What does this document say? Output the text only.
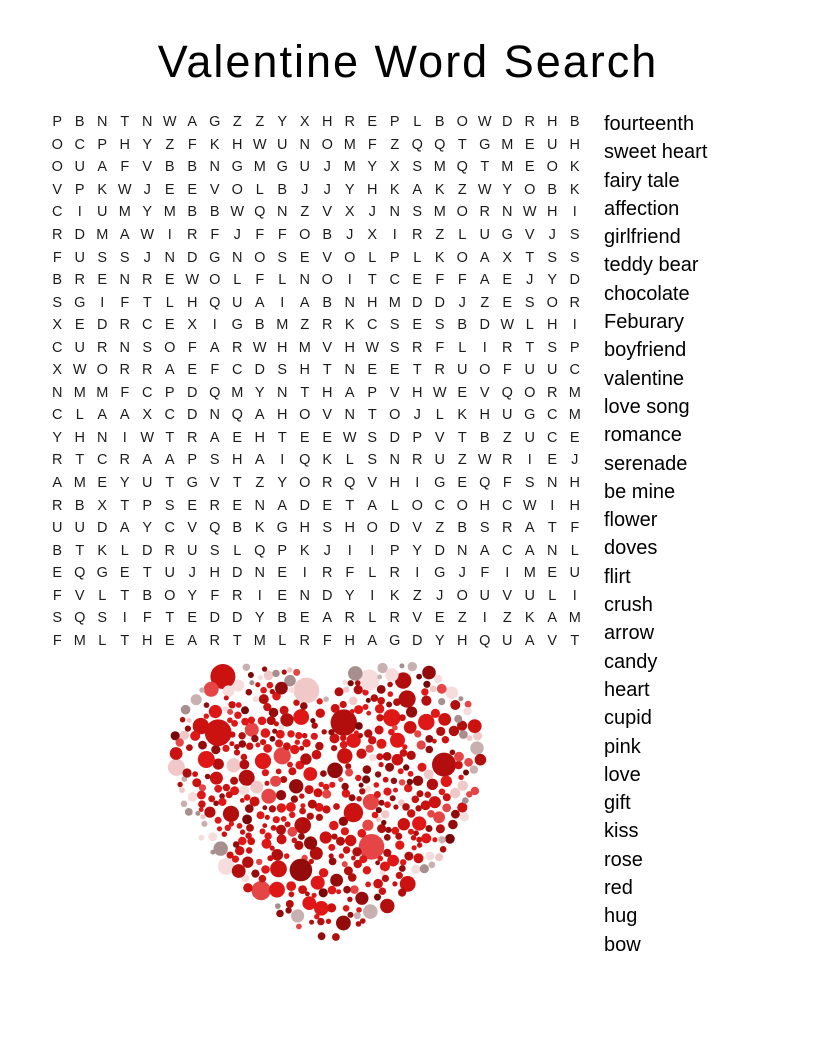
Valentine Word Search
P B N T N W A G Z Z Y X H R E P L B O W D R H B
O C P H Y Z F K H W U N O M F Z Q Q T G M E U H
O U A F V B B N G M G U J M Y X S M Q T M E O K
V P K W J E E V O L B J	J Y H K A K Z W Y O B K
C	I	U M Y M B B W Q N Z V X J N S M O R N W H	I
R D M A W I	R F J F F O B J X	I	R Z L U G V J S
F U S S J N D G N O S E V O L P L K O A X T S S
B R E N R E W O L F L N O	I	T C E F F A E J Y D
S G	I	F T L H Q U A	I	A B N H M D D J Z E S O R
X E D R C E X	I	G B M Z R K C S E S B D W L H	I
C U R N S O F A R W H M V H W S R F L	I	R T S P
X W O R R A E F C D S H T N E E T R U O F U U C
N M M F C P D Q M Y N T H A P V H W E V Q O R M
C L A A X C D N Q A H O V N T O J	L K H U G C M
Y H N	I W T R A E H T E E W S D P V T B Z U C E
R T C R A A P S H A	I	Q K L S N R U Z W R	I	E J
A M E Y U T G V T Z Y O R Q V H	I	G E Q F S N H
R B X T P S E R E N A D E T A L O C O H C W I	H
U U D A Y C V Q B K G H S H O D V Z B S R A T F
B T K L D R U S L Q P K J	I	I	P Y D N A C A N L
E Q G E T U J H D N E	I	R F L R	I	G J F	I M E U
F V L T B O Y F R	I	E N D Y	I	K Z J O U V U L	I
S Q S	I	F T E D D Y B E A R L R V E Z	I	Z K A M
F M L T H E A R T M L R F H A G D Y H Q U A V T
fourteenth
sweet heart
fairy tale
affection
girlfriend
teddy bear
chocolate
Feburary
boyfriend
valentine
love song
romance
serenade
be mine
flower
doves
flirt
crush
arrow
candy
heart
cupid
pink
love
gift
kiss
rose
red
hug
bow
